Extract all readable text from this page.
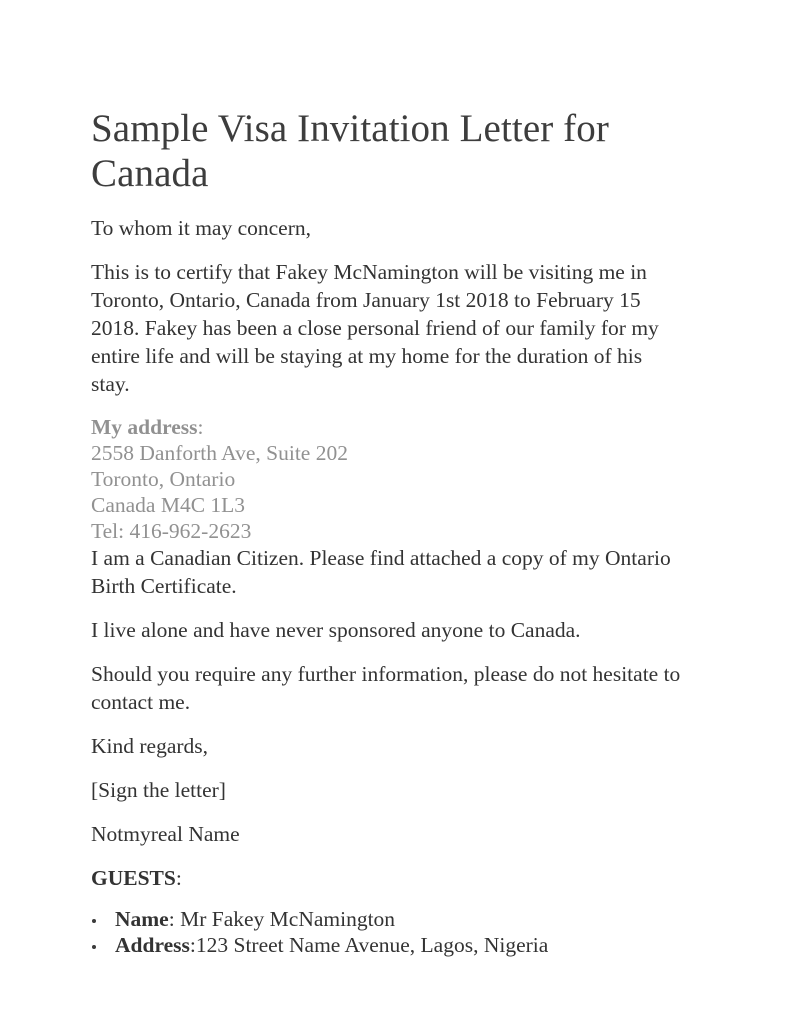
Sample Visa Invitation Letter for Canada

To whom it may concern,

This is to certify that Fakey McNamington will be visiting me in Toronto, Ontario, Canada from January 1st 2018 to February 15 2018. Fakey has been a close personal friend of our family for my entire life and will be staying at my home for the duration of his stay.

My address:

2558 Danforth Ave, Suite 202

Toronto, Ontario

Canada M4C 1L3

Tel: 416-962-2623

I am a Canadian Citizen. Please find attached a copy of my Ontario Birth Certificate.

I live alone and have never sponsored anyone to Canada.

Should you require any further information, please do not hesitate to contact me.

Kind regards,

[Sign the letter]

Notmyreal Name

GUESTS:

Name: Mr Fakey McNamington
Address:123 Street Name Avenue, Lagos, Nigeria
